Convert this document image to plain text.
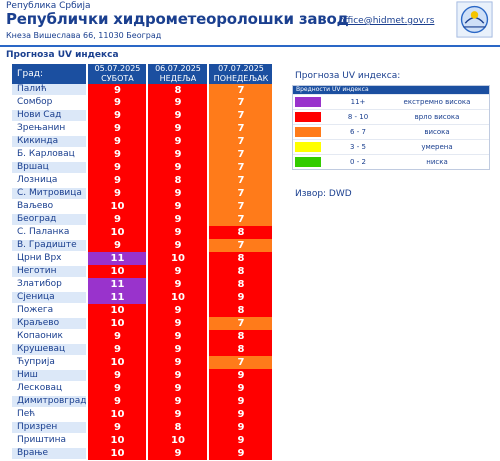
Република Србија
Републички хидрометеоролошки завод
Кнеза Вишеслава 66, 11030 Београд
office@hidmet.gov.rs
Прогноза UV индекса
Град:	05.07.2025	06.07.2025	07.07.2025
	СУБОТА	НЕДЕЉА	ПОНЕДЕЉАК
Палић	9	8	7
Сомбор	9	9	7
Нови Сад	9	9	7
Зрењанин	9	9	7
Кикинда	9	9	7
Б. Карловац	9	9	7
Вршац	9	9	7
Лозница	9	8	7
С. Митровица	9	9	7
Ваљево	10	9	7
Београд	9	9	7
С. Паланка	10	9	8
В. Градиште	9	9	7
Црни Врх	11	10	8
Неготин	10	9	8
Златибор	11	9	8
Сјеница	11	10	9
Пожега	10	9	8
Краљево	10	9	7
Копаоник	9	9	8
Крушевац	9	9	8
Ћуприја	10	9	7
Ниш	9	9	9
Лесковац	9	9	9
Димитровград	9	9	9
Пећ	10	9	9
Призрен	9	8	9
Приштина	10	10	9
Врање	10	9	9
Прогноза UV индекса:
Вредности UV индекса
11+	екстремно висока
8 - 10	врло висока
6 - 7	висока
3 - 5	умерена
0 - 2	ниска
Извор: DWD
